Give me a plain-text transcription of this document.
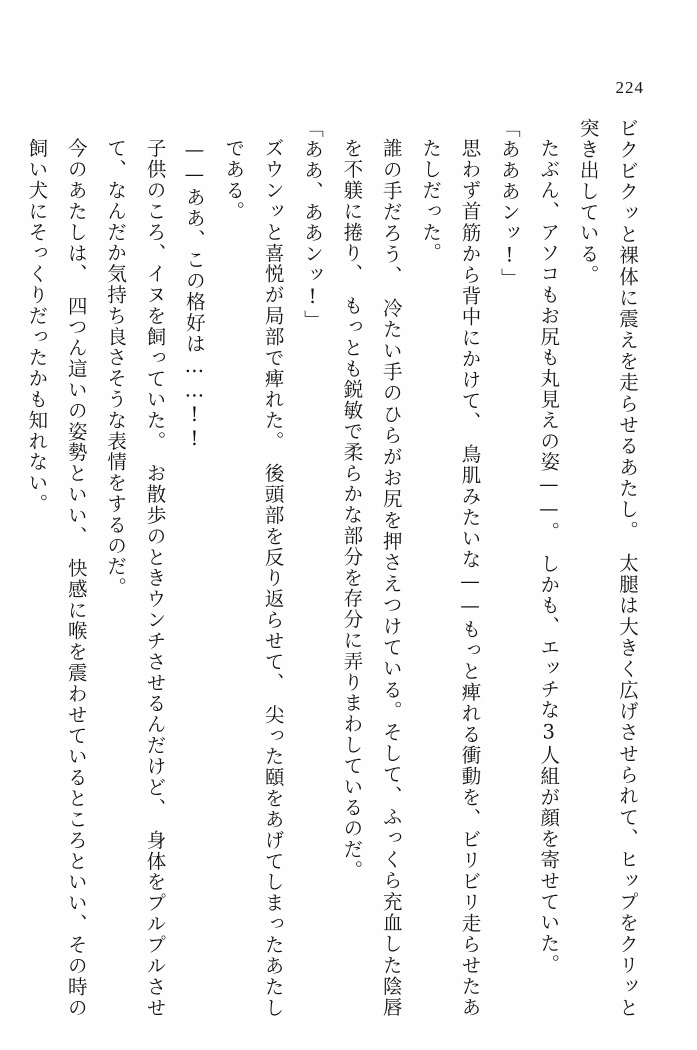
224

ビクビクッと裸体に震えを走らせるあたし。　太腿は大きく広げさせられて、ヒップをクリッと突き出している。

たぶん、アソコもお尻も丸見えの姿——。　しかも、エッチな3人組が顔を寄せていた。

「あああンッ!」

思わず首筋から背中にかけて、　鳥肌みたいな——もっと痺れる衝動を、ビリビリ走らせたあたしだった。

誰の手だろう、　冷たい手のひらがお尻を押さえつけている。そして、ふっくら充血した陰唇を不躾に捲り、　もっとも鋭敏で柔らかな部分を存分に弄りまわしているのだ。

「ああ、ああンッ!」

ズウンッと喜悦が局部で痺れた。　後頭部を反り返らせて、　尖った頤をあげてしまったあたしである。

——ああ、この格好は……!!

子供のころ、イヌを飼っていた。　お散歩のときウンチさせるんだけど、　身体をプルプルさせて、なんだか気持ち良さそうな表情をするのだ。

今のあたしは、　四つん這いの姿勢といい、　快感に喉を震わせているところといい、その時の飼い犬にそっくりだったかも知れない。
